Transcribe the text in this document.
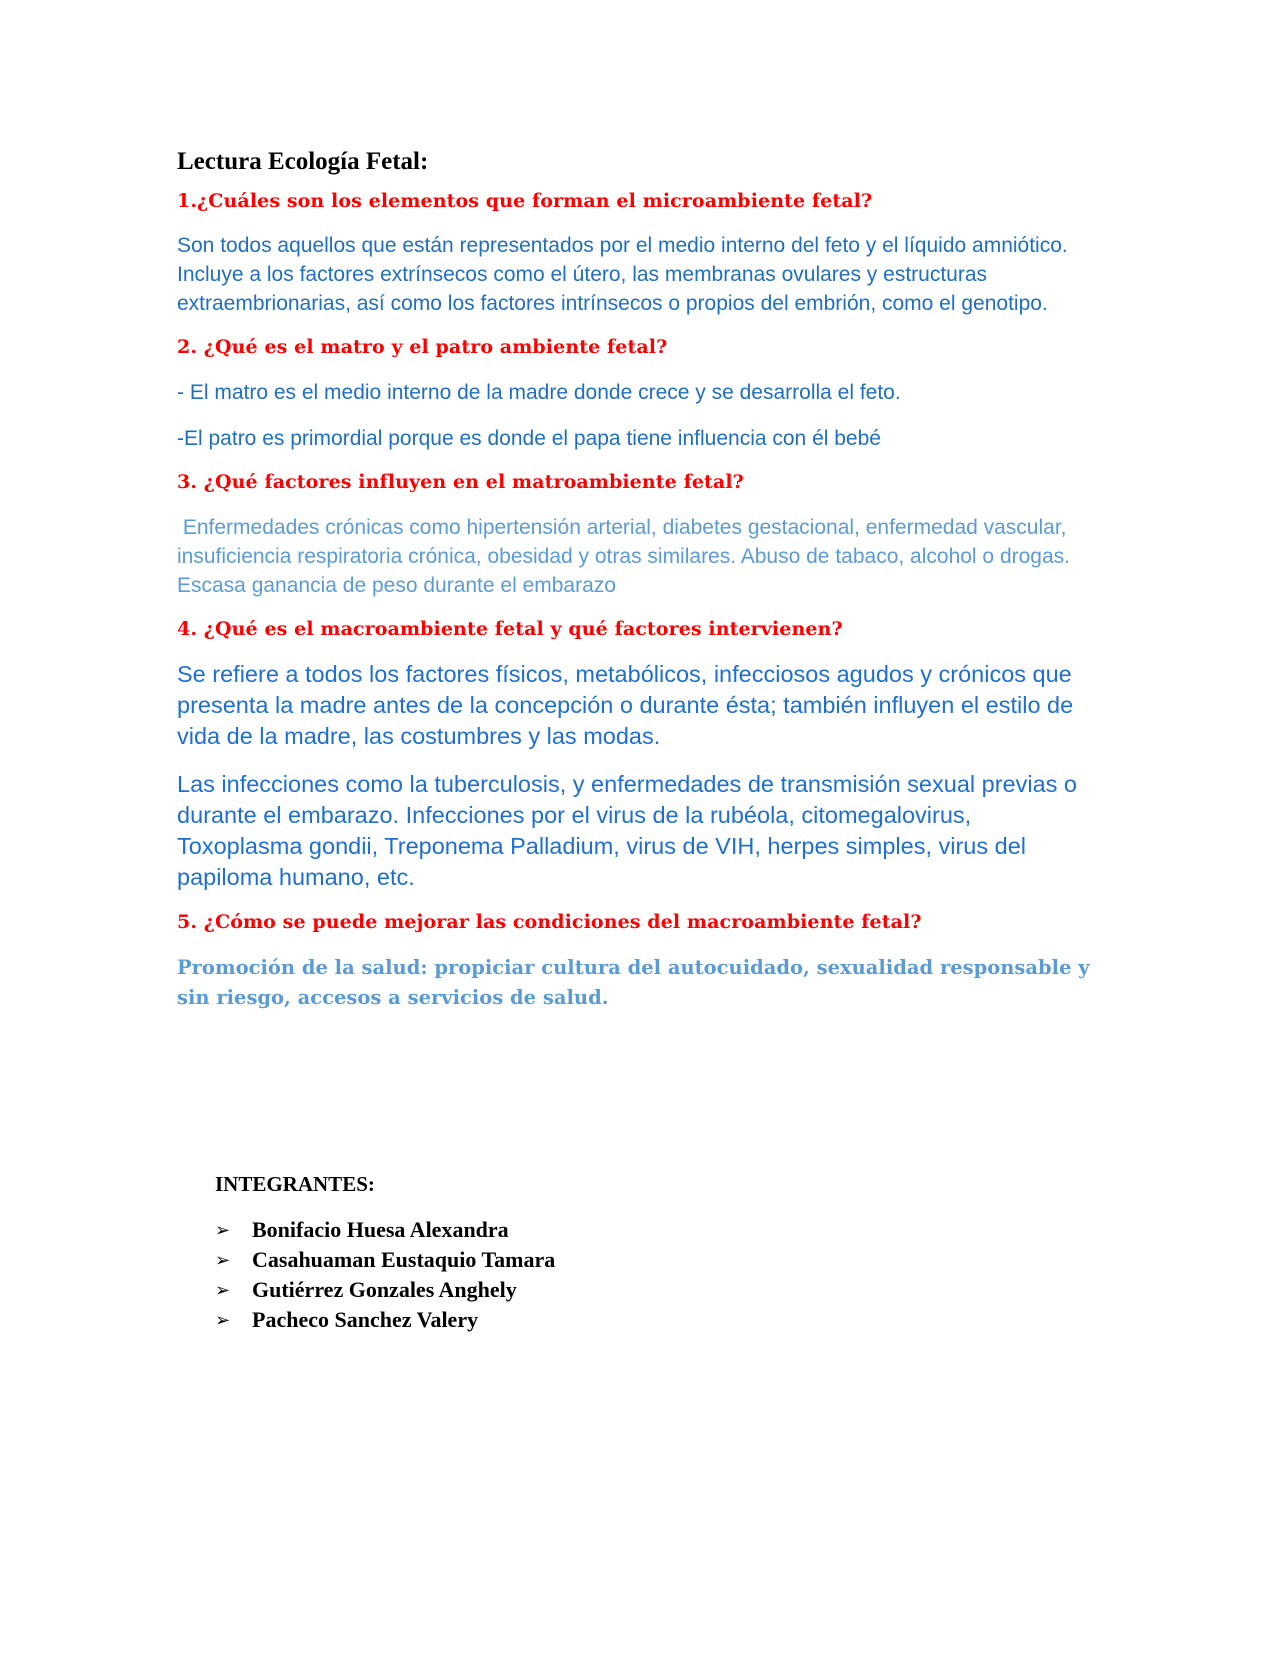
Lectura Ecología Fetal:
1.¿Cuáles son los elementos que forman el microambiente fetal?

Son todos aquellos que están representados por el medio interno del feto y el líquido amniótico. Incluye a los factores extrínsecos como el útero, las membranas ovulares y estructuras extraembrionarias, así como los factores intrínsecos o propios del embrión, como el genotipo.

2. ¿Qué es el matro y el patro ambiente fetal?

- El matro es el medio interno de la madre donde crece y se desarrolla el feto.

-El patro es primordial porque es donde el papa tiene influencia con él bebé

3. ¿Qué factores influyen en el matroambiente fetal?

Enfermedades crónicas como hipertensión arterial, diabetes gestacional, enfermedad vascular, insuficiencia respiratoria crónica, obesidad y otras similares. Abuso de tabaco, alcohol o drogas. Escasa ganancia de peso durante el embarazo

4. ¿Qué es el macroambiente fetal y qué factores intervienen?

Se refiere a todos los factores físicos, metabólicos, infecciosos agudos y crónicos que presenta la madre antes de la concepción o durante ésta; también influyen el estilo de vida de la madre, las costumbres y las modas.

Las infecciones como la tuberculosis, y enfermedades de transmisión sexual previas o durante el embarazo. Infecciones por el virus de la rubéola, citomegalovirus, Toxoplasma gondii, Treponema Palladium, virus de VIH, herpes simples, virus del papiloma humano, etc.

5. ¿Cómo se puede mejorar las condiciones del macroambiente fetal?

Promoción de la salud: propiciar cultura del autocuidado, sexualidad responsable y sin riesgo, accesos a servicios de salud.

INTEGRANTES:
➢ Bonifacio Huesa Alexandra
➢ Casahuaman Eustaquio Tamara
➢ Gutiérrez Gonzales Anghely
➢ Pacheco Sanchez Valery
